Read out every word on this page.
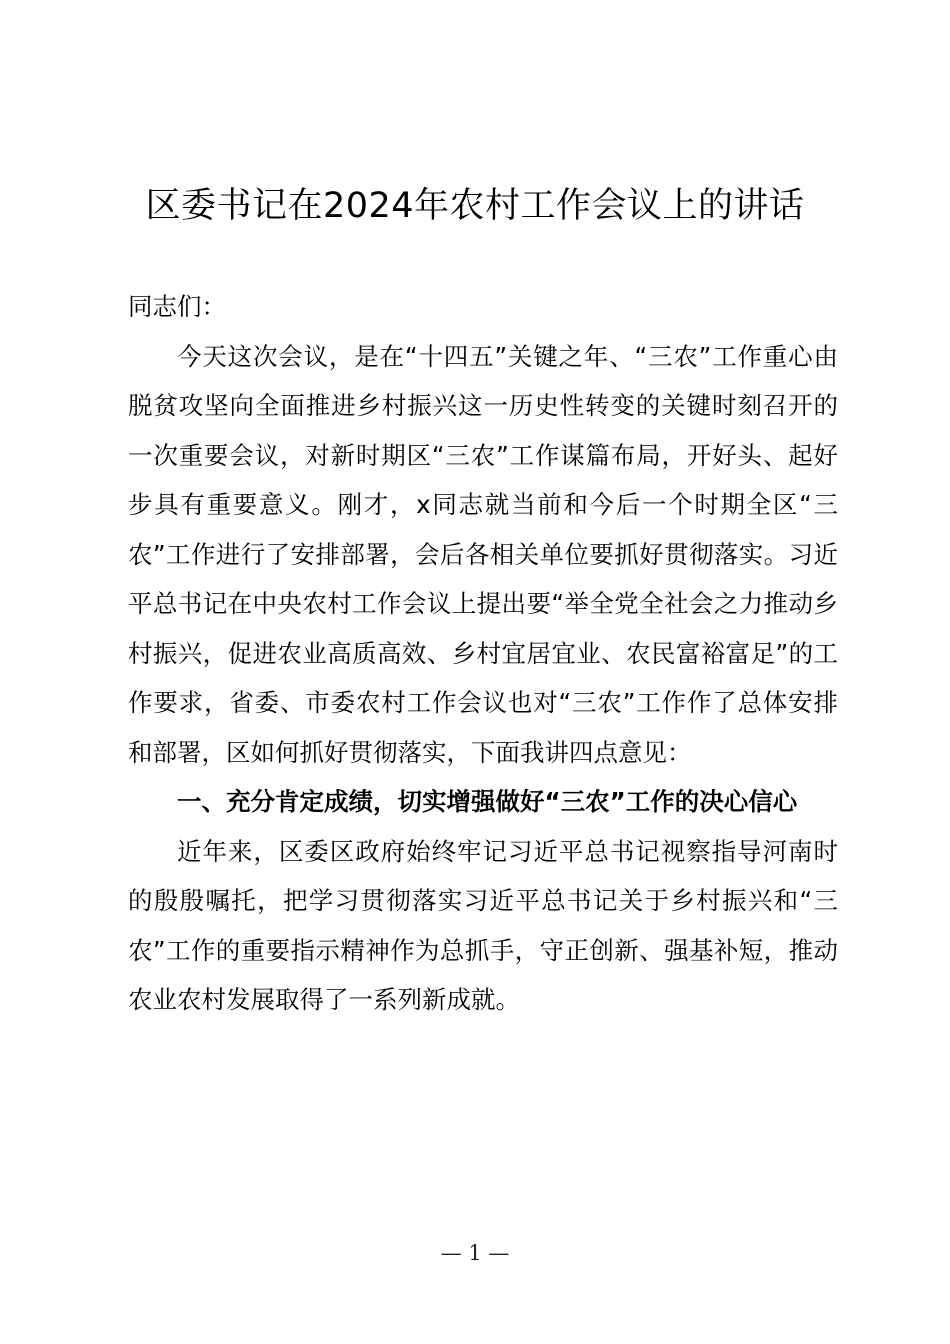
区委书记在2024年农村工作会议上的讲话

同志们：

今天这次会议，是在“十四五”关键之年、“三农”工作重心由脱贫攻坚向全面推进乡村振兴这一历史性转变的关键时刻召开的一次重要会议，对新时期区“三农”工作谋篇布局，开好头、起好步具有重要意义。刚才，x同志就当前和今后一个时期全区“三农”工作进行了安排部署，会后各相关单位要抓好贯彻落实。习近平总书记在中央农村工作会议上提出要“举全党全社会之力推动乡村振兴，促进农业高质高效、乡村宜居宜业、农民富裕富足”的工作要求，省委、市委农村工作会议也对“三农”工作作了总体安排和部署，区如何抓好贯彻落实，下面我讲四点意见：

一、充分肯定成绩，切实增强做好“三农”工作的决心信心

近年来，区委区政府始终牢记习近平总书记视察指导河南时的殷殷嘱托，把学习贯彻落实习近平总书记关于乡村振兴和“三农”工作的重要指示精神作为总抓手，守正创新、强基补短，推动农业农村发展取得了一系列新成就。

— 1 —
